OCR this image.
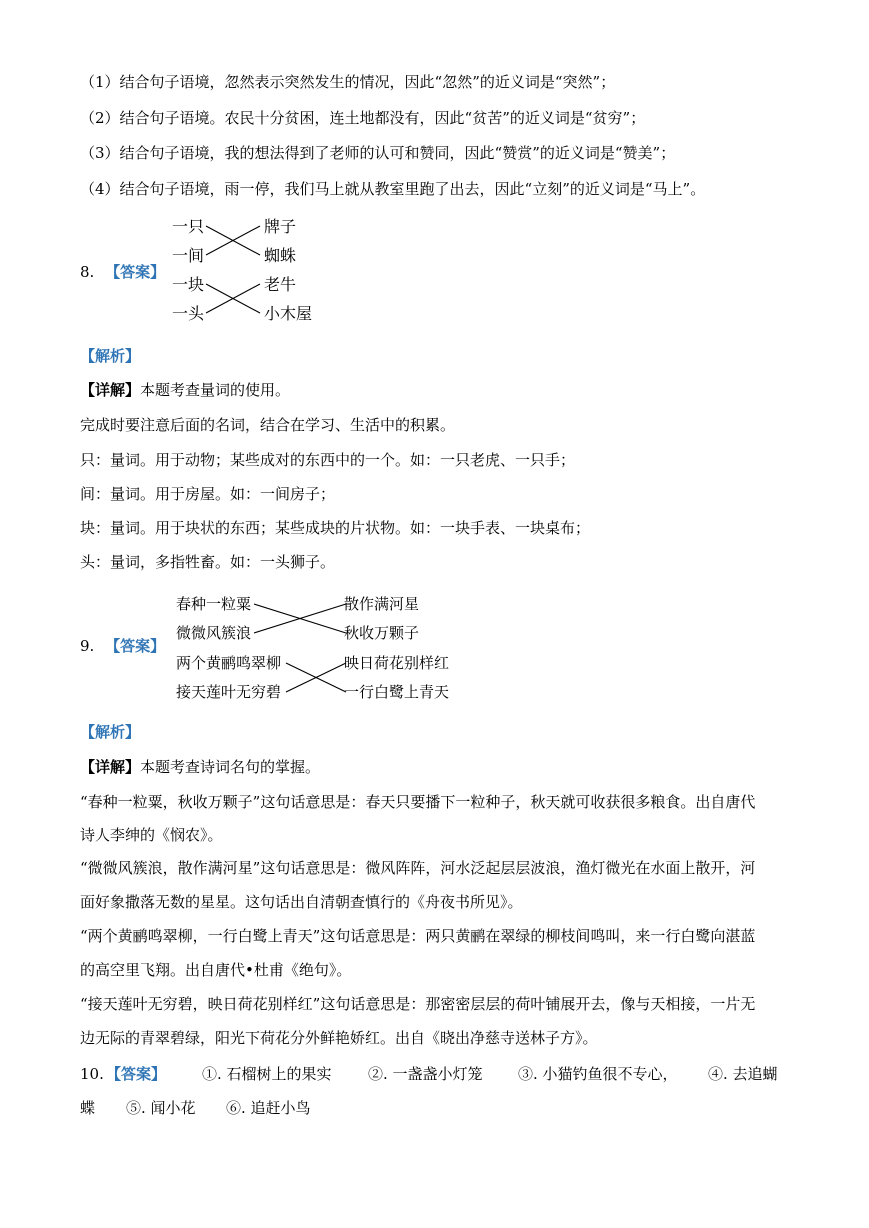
（1）结合句子语境，忽然表示突然发生的情况，因此“忽然”的近义词是“突然”；
（2）结合句子语境。农民十分贫困，连土地都没有，因此“贫苦”的近义词是“贫穷”；
（3）结合句子语境，我的想法得到了老师的认可和赞同，因此“赞赏”的近义词是“赞美”；
（4）结合句子语境，雨一停，我们马上就从教室里跑了出去，因此“立刻”的近义词是“马上”。
8. 【答案】
一只
一间
一块
一头
牌子
蜘蛛
老牛
小木屋
【解析】
【详解】本题考查量词的使用。
完成时要注意后面的名词，结合在学习、生活中的积累。
只：量词。用于动物；某些成对的东西中的一个。如：一只老虎、一只手；
间：量词。用于房屋。如：一间房子；
块：量词。用于块状的东西；某些成块的片状物。如：一块手表、一块桌布；
头：量词，多指牲畜。如：一头狮子。
9. 【答案】
春种一粒粟
微微风簇浪
两个黄鹂鸣翠柳
接天莲叶无穷碧
散作满河星
秋收万颗子
映日荷花别样红
一行白鹭上青天
【解析】
【详解】本题考查诗词名句的掌握。
“春种一粒粟，秋收万颗子”这句话意思是：春天只要播下一粒种子，秋天就可收获很多粮食。出自唐代
诗人李绅的《悯农》。
“微微风簇浪，散作满河星”这句话意思是：微风阵阵，河水泛起层层波浪，渔灯微光在水面上散开，河
面好象撒落无数的星星。这句话出自清朝查慎行的《舟夜书所见》。
“两个黄鹂鸣翠柳，一行白鹭上青天”这句话意思是：两只黄鹂在翠绿的柳枝间鸣叫，来一行白鹭向湛蓝
的高空里飞翔。出自唐代•杜甫《绝句》。
“接天莲叶无穷碧，映日荷花别样红”这句话意思是：那密密层层的荷叶铺展开去，像与天相接，一片无
边无际的青翠碧绿，阳光下荷花分外鲜艳娇红。出自《晓出净慈寺送林子方》。
10. 【答案】 ①. 石榴树上的果实 ②. 一盏盏小灯笼 ③. 小猫钓鱼很不专心， ④. 去追蝴
蝶 ⑤. 闻小花 ⑥. 追赶小鸟
